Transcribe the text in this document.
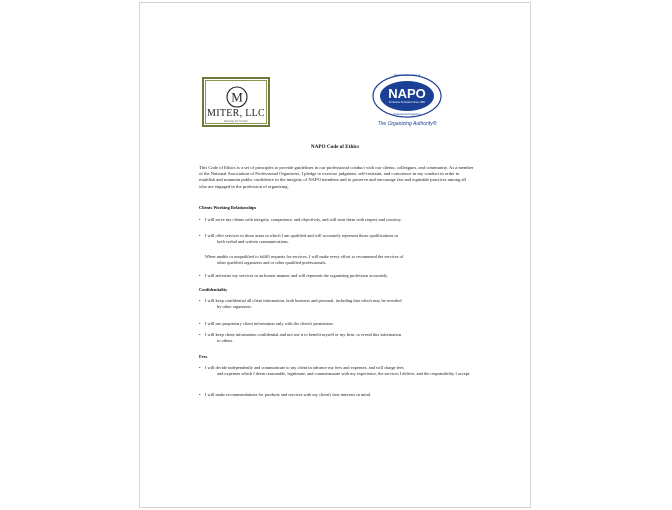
M
MITER, LLC
Renewing the Creation
National Association of
NAPO
Productive Profession Since 1985
Professional Organizers
The Organizing Authority®
NAPO Code of Ethics
This Code of Ethics is a set of principles to provide guidelines in our professional conduct with our clients, colleagues, and community. As a member of the National Association of Professional Organizers, I pledge to exercise judgment, self-restraint, and conscience in my conduct in order to establish and maintain public confidence in the integrity of NAPO members and to preserve and encourage fair and equitable practices among all who are engaged in the profession of organizing.
Clients Working Relationships
• I will serve my clients with integrity, competence, and objectivity, and will treat them with respect and courtesy.
• I will offer services in those areas in which I am qualified and will accurately represent those qualifications in
both verbal and written communications.
When unable or unqualified to fulfill requests for services, I will make every effort to recommend the services of
other qualified organizers and or other qualified professionals.
• I will advertise my services in an honest manner and will represent the organizing profession accurately.
Confidentiality
• I will keep confidential all client information, both business and personal, including that which may be revealed
by other organizers.
• I will use proprietary client information only with the client's permission.
• I will keep client information confidential and not use it to benefit myself or my firm, or reveal this information
to others.
Fees
• I will decide independently and communicate to my client in advance my fees and expenses, and will charge fees
and expenses which I deem reasonable, legitimate, and commensurate with my experience, the services I deliver, and the responsibility I accept.
• I will make recommendations for products and services with my client's best interests in mind.
